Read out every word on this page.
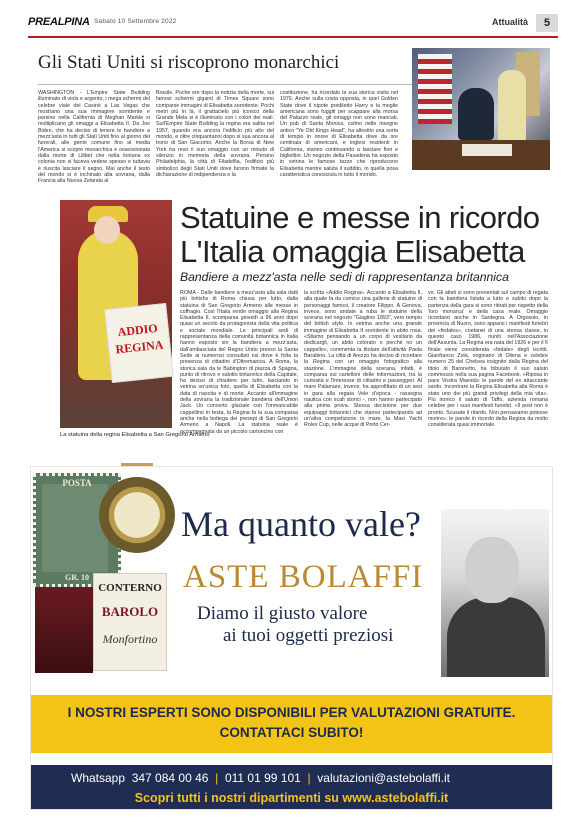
PREALPINA Sabato 10 Settembre 2022	Attualità	5
Gli Stati Uniti si riscoprono monarchici
WASHINGTON - L'Empire State Building illuminato di viola e argento, i mega schermi del celebre viale dei Casinò a Las Vegas che mostrano una sua immagine sorridente e persino nella California di Meghan Markle si moltiplicano gli omaggi a Elisabetta II. Da Joe Biden, che ha deciso di tenere le bandiere a mezz'asta in tutti gli Stati Uniti fino al giorno dei funerali, alle gente comune fino al media l'America si scopre monarchica e ossessionata dalla morte di Lilibet che nella lontana ex colonia non si faceva vedere spesso e tuttavia è riuscita lasciare il segno. Mai anche il testo del mondo si è inchinato alla sovrana, dalla Francia alla Nuova Zelanda al
Brasile. Poche ore dopo la notizia della morte, sui famosi schermi giganti di Times Square sono comparse immagini di Elisabetta sorridente. Pochi metri più in là, il grattacielo più iconico della Grande Mela si è illuminato con i colori dei reali. Sull'Empire State Building la regina era salita nel 1957, quando era ancora l'edificio più alto del mondo, e oltre cinquantanni dopo si sua ancora al trono di San Giacomo. Anche la Borsa di New York ha reso il suo omaggio con un minuto di silenzio in memoria della sovrana. Persino Philadelphia, la città di Filadelfia, l'edificio più simbolico degli Stati Uniti dove furono firmate la dichiarazione di indipendenza e la
costituzione, ha ricordato la sua storica visita nel 1976. Anche sulla costa opposta, in quel Golden State dove il nipote prediletto Harry e la moglie americana sono fuggiti per scappare alla morsa del Palazzo reale, gli omaggi non sono mancati. Un pub di Santa Monica, colmo nelle insegne antico "Ye Old Kings Head", ha allestito una sorta di tempio in onore di Elisabetta dove da ore centinaia di americani, e inglesi residenti in California, stanno continuando a lasciare fiori e bigliettini. Un negozio della Pasadena ha esposto in vetrina le famose tazze che riproducono Elisabetta mentre saluta il suddito, in quella posa caratteristica conosciuta in tutto il mondo.
ADDIO
REGINA
La statuina della regina Elisabetta a San Gregorio Armeno
Statuine e messe in ricordo
L'Italia omaggia Elisabetta
Bandiere a mezz'asta nelle sedi di rappresentanza britannica
ROMA - Dalle bandiere a mezz'asta alla sala datti più britishs di Roma chiusa per lutto, dalla statuina di San Gregorio Armeno alle messe in cuffragio. Così l'Italia rende omaggio alla Regina Elisabetta II, scomparsa giovedì a 96 anni dopo quasi un secolo da protagonista della vita politica e sociale mondiale. Le principali sedi di rappresentanza della comunità britannica in Italia hanno esposto sin la bandiera a mezz'asta, dall'ambasciata del Regno Unito presso la Santa Sede ai numerosi consultati nsi dove è folta la presenza di cittadini d'Oltremanica. A Roma, la storica sala da te Babington di piazza di Spagna, punto di ritrovo e salotto britannico della Capitale, ha deciso di chiudere per lutto, lasciando in vetrina un'unica foto, quella di Elisabetta con la data di nascita e di morte. Accanto all'immagine della sovrana la tradizionale bandiera dell'Union Jack. Un concerto glaciale con l'immancabile cappellino in testa, la Regina fa la sua comparsa anche nella bottega dei presepi di San Gregorio Armeno a Napoli. La statuina reale è accompagnata da un piccolo cartoncino con
la scritta «Addio Regina». Accanto a Elisabetta II, alla quale fa da cornice una galleria di statuine di personaggi famosi, il creatore Filippo. A Genova, invece, sono andate a ruba le statuine della sovrana nel negozio "Giaglino 1893", vero tempio del british style. In vetrina anche una grande immagine di Elisabetta II sorridente in abito rosa. «Stiamo pensando a un corpo di vestiario da dedicargli, un abito colorato o perché no un cappello», commenta la titolare dell'attività Paola Barabino. La città di Arezzo ha deciso di ricordare la Regina con un omaggio fotografico alla stazione. L'immagine della sovrana, infatti, è comparsa sui cartelloni delle informazioni, tra la curiosità e l'interesse di cittadini e passeggeri. Al mare Palamare, invece, ha approfittato di un sesi in gara alla regata Vele d'epoca - rassegna nautica con scafi storici -, non hanno partecipato alla prima prova. Stessa decisione per due equipaggi britannici che stanno partecipando ad un'altra competizione in mare, la Maxi Yacht Rolex Cup, nelle acque di Porto Cer-
vo. Gli atleti si sono presentati sul campo di regata con la bandiera listata a lutto e subito dopo la partenza della gara si sono ritirati per rispetto della 'loro monarca' e della casa reale. Omaggio ricordano anche in Sardegna. A Orgosolo, in provincia di Nuoro, sono apparsi i manifesti funebri dei «fedales», coetanei di una stessa classe, in questo caso 1986, riuniti nell'Associazione dell'Assunta. La Regina era nata del 1926 e per il 6 finale viene considerata «fedale» degli iscritti. Gianfranco Zola, originario di Oliena e celebre numero 25 del Chelsea insignito dalla Regina del titolo di Baronetto, ha tributato il suo saluto commosso nella sua pagina Facebook. «Riposa in pace Vostra Maestà» le parole del ex attaccante sardo. Incontrare la Regina Elisabetta alla Roma è stato uno dei più grandi privilegi della mia vita». Più ironico il saluto di Taffo, azienda romana celebre per i suoi manifesti funebri. «Il post non è pronto. Scusate il ritardo. Non pensavamo potesse morire». le parole in ricordo della Regina da molto considerata quasi immortale.
POSTA
GR. 10
CONTERNO
BAROLO
Monfortino
Ma quanto vale?
ASTE BOLAFFI
Diamo il giusto valore
ai tuoi oggetti preziosi
I NOSTRI ESPERTI SONO DISPONIBILI PER VALUTAZIONI GRATUITE.
CONTATTACI SUBITO!
Whatsapp 347 084 00 46  |  011 01 99 101  |  valutazioni@astebolaffi.it
Scopri tutti i nostri dipartimenti su www.astebolaffi.it
